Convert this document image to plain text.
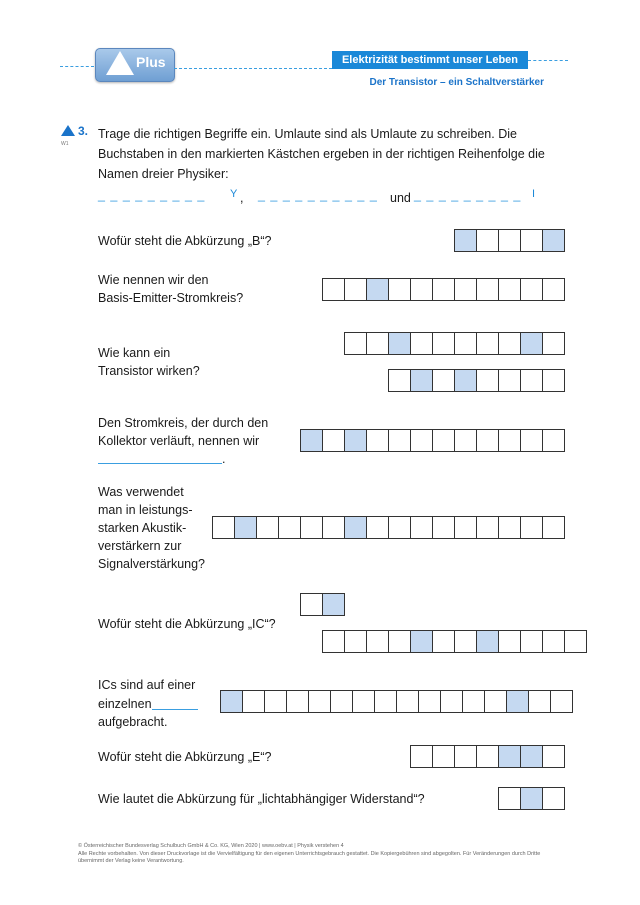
Plus	Elektrizität bestimmt unser Leben
Der Transistor – ein Schaltverstärker
W1
3. Trage die richtigen Begriffe ein. Umlaute sind als Umlaute zu schreiben. Die Buchstaben in den markierten Kästchen ergeben in der richtigen Reihenfolge die Namen dreier Physiker:
_ _ _ _ _ _ _ _ _ Y , _ _ _ _ _ _ _ _ _ _ und _ _ _ _ _ _ _ _ _ I
Wofür steht die Abkürzung „B“?
Wie nennen wir den
Basis-Emitter-Stromkreis?
Wie kann ein
Transistor wirken?
Den Stromkreis, der durch den
Kollektor verläuft, nennen wir
.
Was verwendet
man in leistungs-
starken Akustik-
verstärkern zur
Signalverstärkung?
Wofür steht die Abkürzung „IC“?
ICs sind auf einer
einzelnen
aufgebracht.
Wofür steht die Abkürzung „E“?
Wie lautet die Abkürzung für „lichtabhängiger Widerstand“?
© Österreichischer Bundesverlag Schulbuch GmbH & Co. KG, Wien 2020 | www.oebv.at | Physik verstehen 4
Alle Rechte vorbehalten. Von dieser Druckvorlage ist die Vervielfältigung für den eigenen Unterrichtsgebrauch gestattet. Die Kopiergebühren sind abgegolten. Für Veränderungen durch Dritte übernimmt der Verlag keine Verantwortung.
